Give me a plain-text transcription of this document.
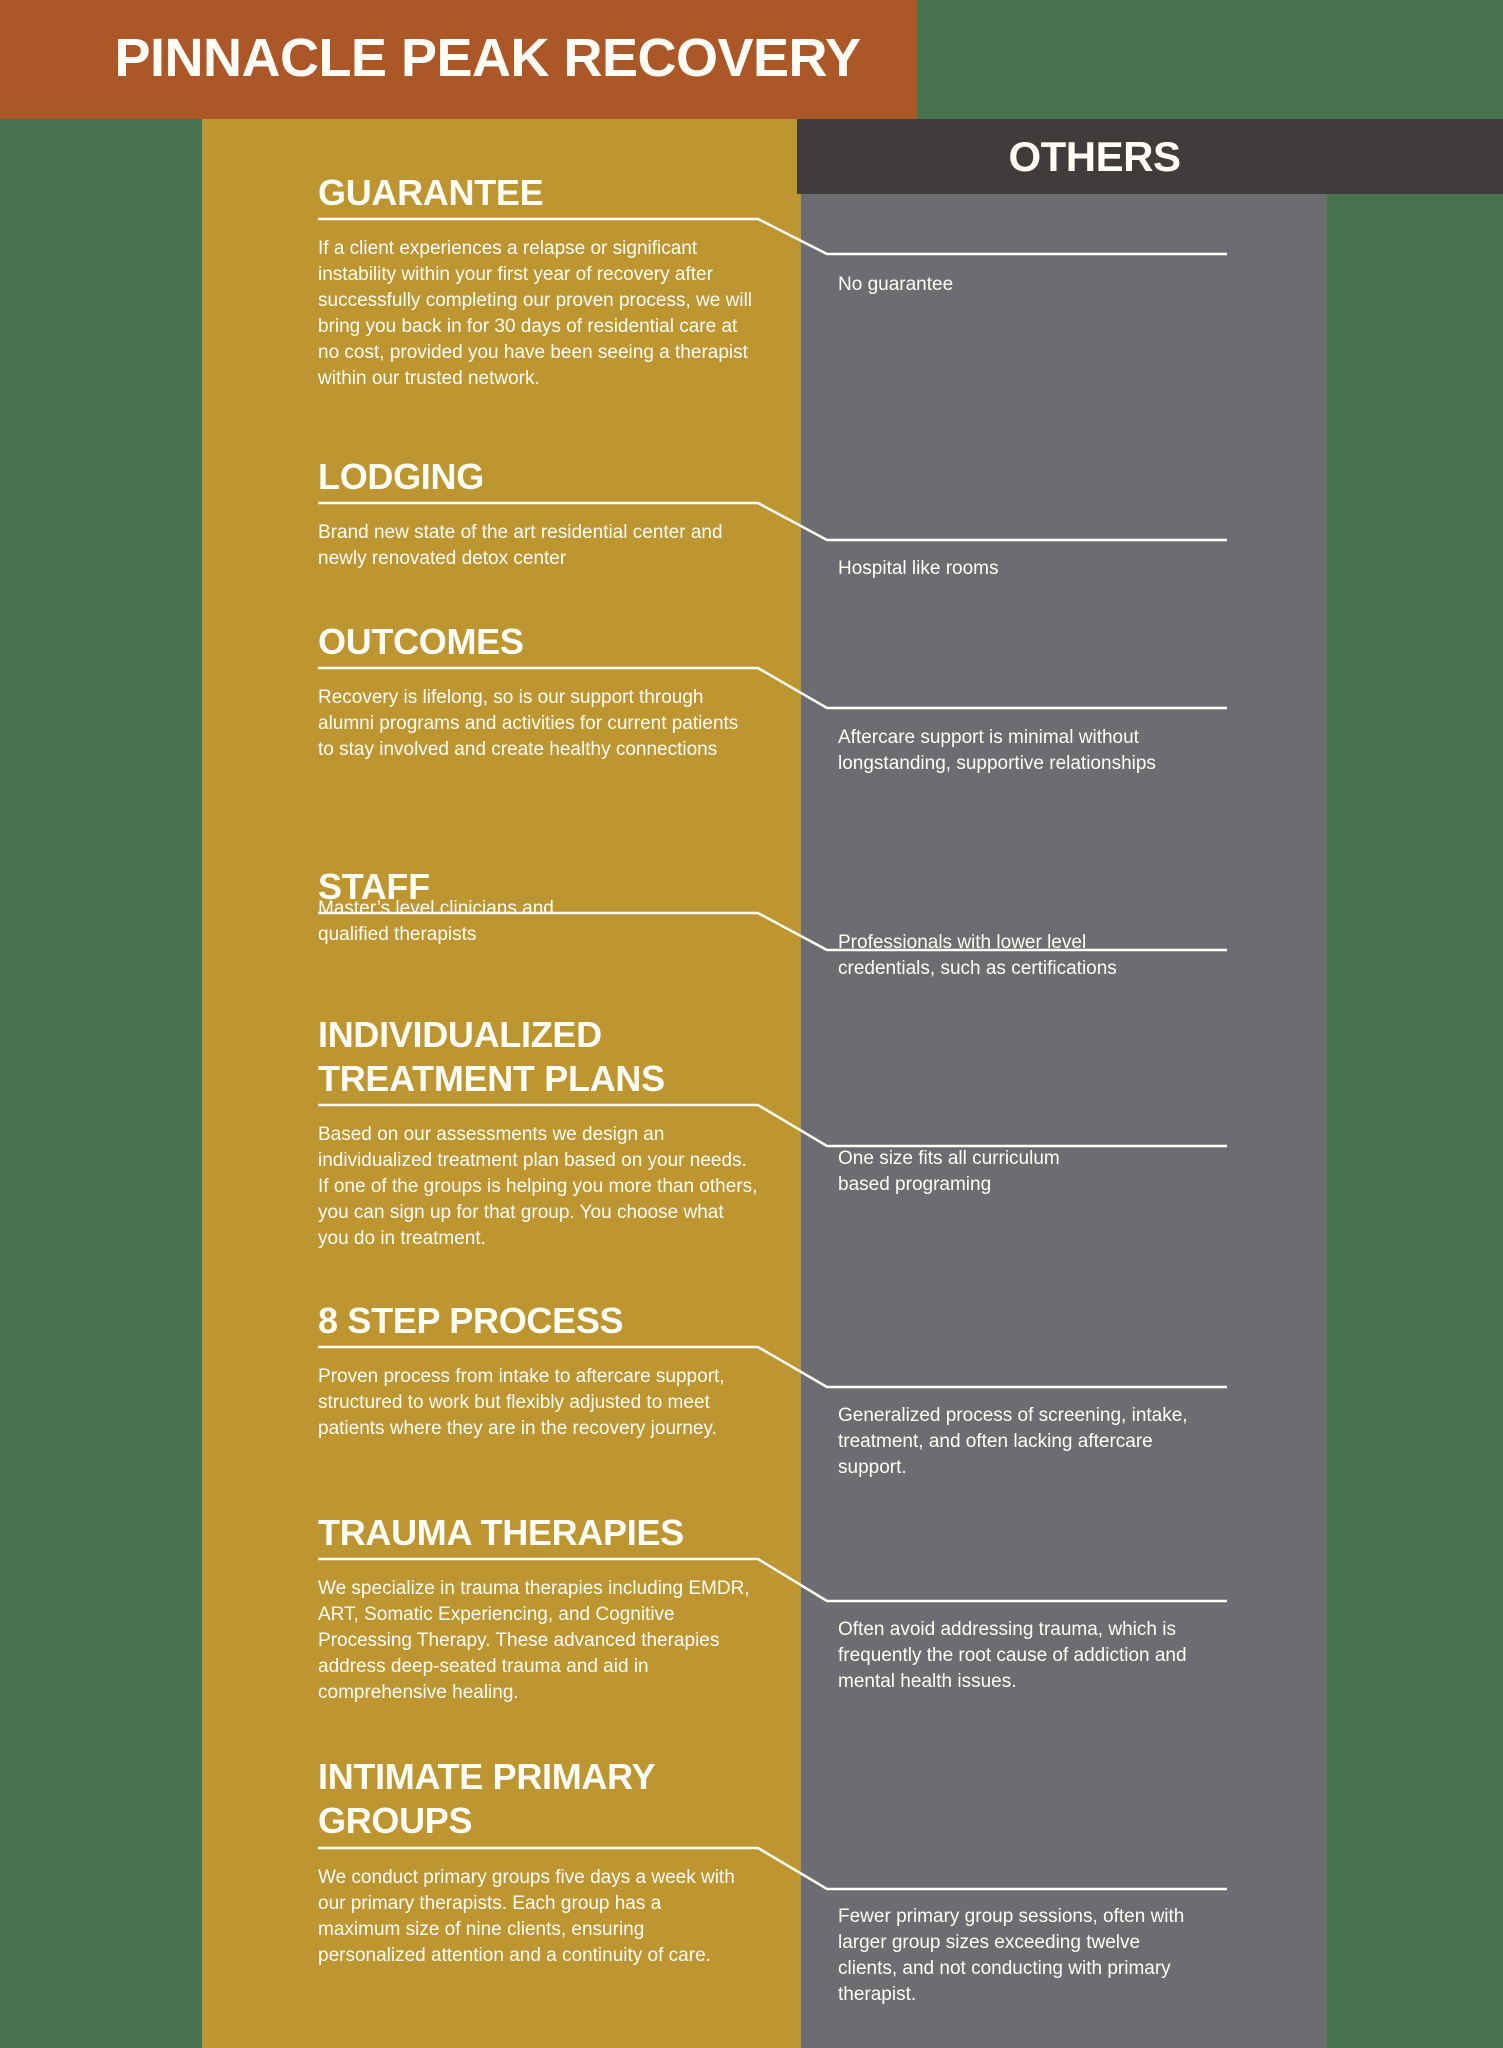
PINNACLE PEAK RECOVERY
OTHERS
GUARANTEE
If a client experiences a relapse or significant instability within your first year of recovery after successfully completing our proven process, we will bring you back in for 30 days of residential care at no cost, provided you have been seeing a therapist within our trusted network.
No guarantee
LODGING
Brand new state of the art residential center and newly renovated detox center	Hospital like rooms
OUTCOMES
Recovery is lifelong, so is our support through alumni programs and activities for current patients to stay involved and create healthy connections
Aftercare support is minimal without longstanding, supportive relationships
STAFF
Master’s level clinicians and qualified therapists	Professionals with lower level credentials, such as certifications
INDIVIDUALIZED TREATMENT PLANS
Based on our assessments we design an individualized treatment plan based on your needs. If one of the groups is helping you more than others, you can sign up for that group. You choose what you do in treatment.
One size fits all curriculum based programing
8 STEP PROCESS
Proven process from intake to aftercare support, structured to work but flexibly adjusted to meet patients where they are in the recovery journey.
Generalized process of screening, intake, treatment, and often lacking aftercare support.
TRAUMA THERAPIES
We specialize in trauma therapies including EMDR, ART, Somatic Experiencing, and Cognitive Processing Therapy. These advanced therapies address deep-seated trauma and aid in comprehensive healing.
Often avoid addressing trauma, which is frequently the root cause of addiction and mental health issues.
INTIMATE PRIMARY GROUPS
We conduct primary groups five days a week with our primary therapists. Each group has a maximum size of nine clients, ensuring personalized attention and a continuity of care.
Fewer primary group sessions, often with larger group sizes exceeding twelve clients, and not conducting with primary therapist.
